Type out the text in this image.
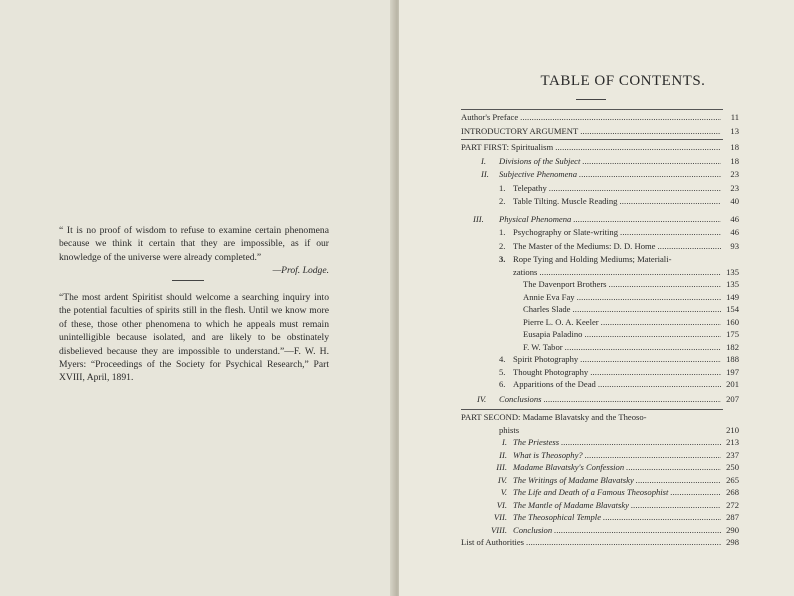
“ It is no proof of wisdom to refuse to examine certain phenomena because we think it certain that they are impossible, as if our knowledge of the universe were already completed.”

—Prof. Lodge.

“The most ardent Spiritist should welcome a searching inquiry into the potential faculties of spirits still in the flesh. Until we know more of these, those other phenomena to which he appeals must remain unintelligible because isolated, and are likely to be obstinately disbelieved because they are impossible to understand.”—F. W. H. Myers: “Proceedings of the Society for Psychical Research,” Part XVIII, April, 1891.

TABLE OF CONTENTS.
Author's Preface . . .	11
INTRODUCTORY ARGUMENT . . .	13
PART FIRST: Spiritualism . . .	18
I.	Divisions of the Subject . . .	18
II.	Subjective Phenomena . . .	23
1. Telepathy . . .	23
2. Table Tilting. Muscle Reading . . .	40
III.	Physical Phenomena . . .	46
1. Psychography or Slate-writing . . .	46
2. The Master of the Mediums: D. D. Home . . .	93
3. Rope Tying and Holding Mediums; Materiali-
zations . . .	135
The Davenport Brothers . . .	135
Annie Eva Fay . . .	149
Charles Slade . . .	154
Pierre L. O. A. Keeler . . .	160
Eusapia Paladino . . .	175
F. W. Tabor . . .	182
4. Spirit Photography . . .	188
5. Thought Photography . . .	197
6. Apparitions of the Dead . . .	201
IV.	Conclusions . . .	207
PART SECOND: Madame Blavatsky and the Theoso-
phists	210
I. The Priestess . . .	213
II. What is Theosophy? . . .	237
III. Madame Blavatsky's Confession . . .	250
IV. The Writings of Madame Blavatsky . . .	265
V. The Life and Death of a Famous Theosophist . . .	268
VI. The Mantle of Madame Blavatsky . . .	272
VII. The Theosophical Temple . . .	287
VIII. Conclusion . . .	290
List of Authorities . . .	298
